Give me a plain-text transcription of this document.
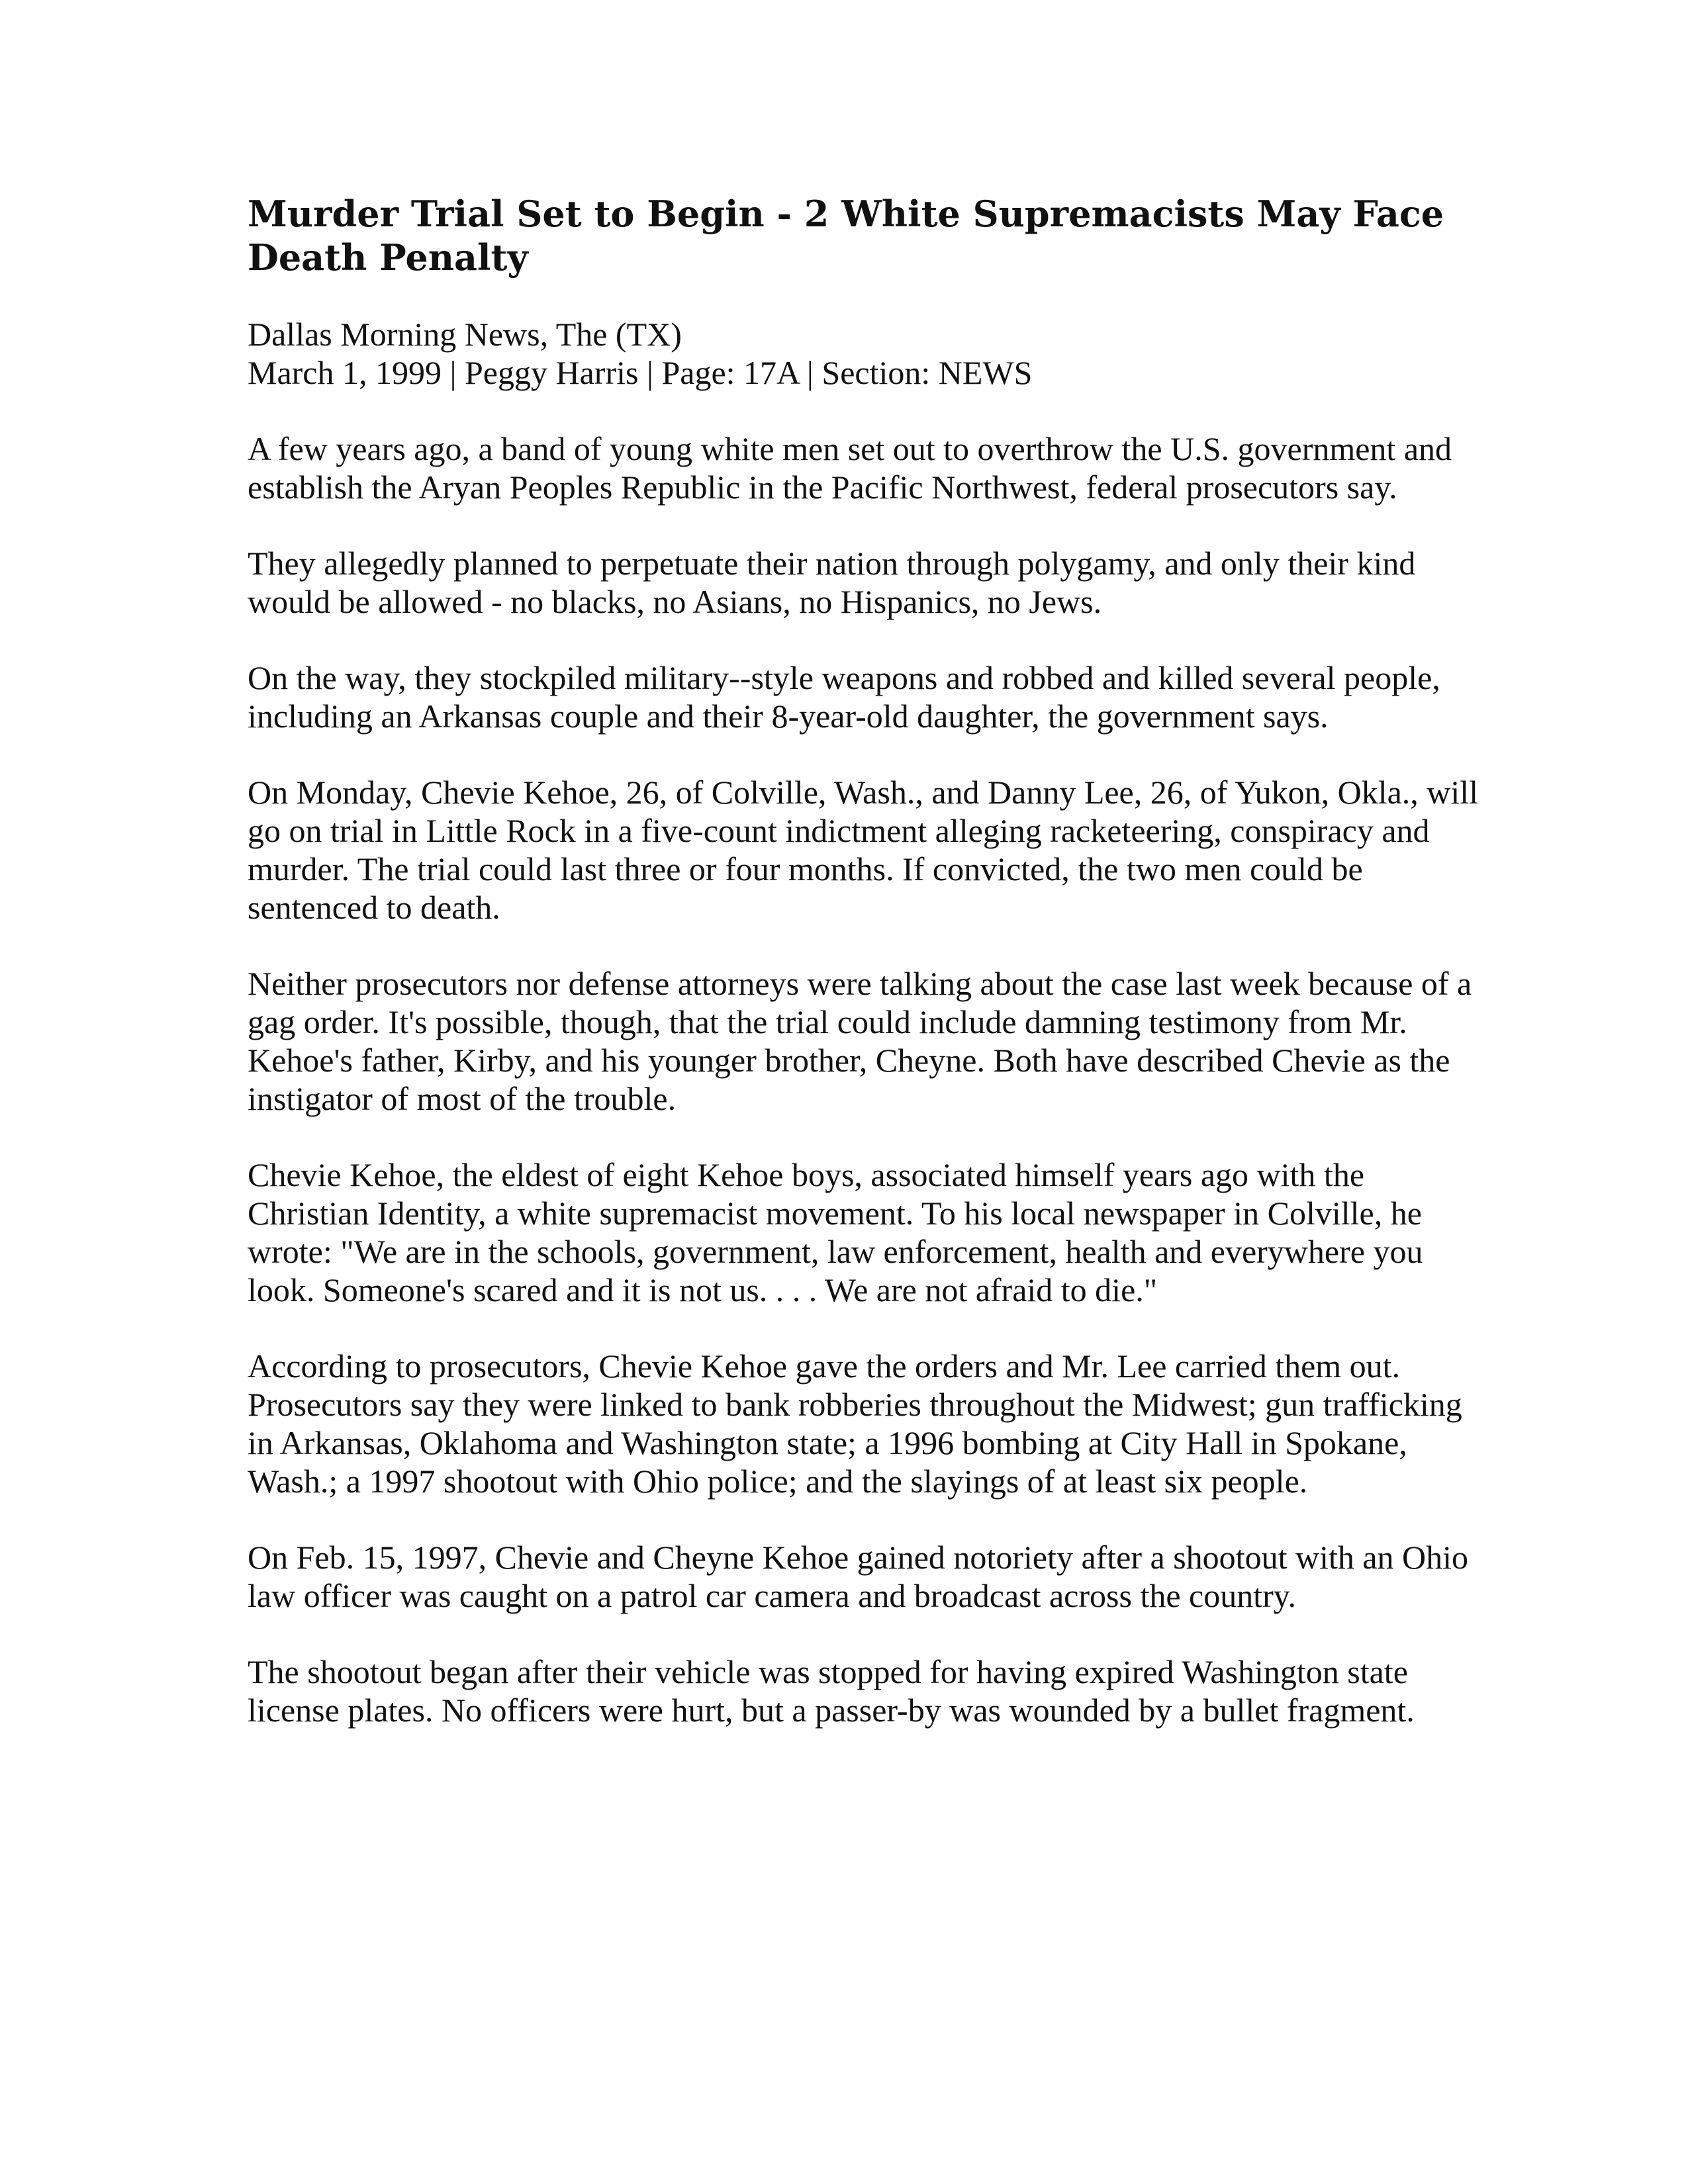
Murder Trial Set to Begin - 2 White Supremacists May Face Death Penalty
Dallas Morning News, The (TX)
March 1, 1999 | Peggy Harris | Page: 17A | Section: NEWS

A few years ago, a band of young white men set out to overthrow the U.S. government and establish the Aryan Peoples Republic in the Pacific Northwest, federal prosecutors say.

They allegedly planned to perpetuate their nation through polygamy, and only their kind would be allowed - no blacks, no Asians, no Hispanics, no Jews.

On the way, they stockpiled military--style weapons and robbed and killed several people, including an Arkansas couple and their 8-year-old daughter, the government says.

On Monday, Chevie Kehoe, 26, of Colville, Wash., and Danny Lee, 26, of Yukon, Okla., will go on trial in Little Rock in a five-count indictment alleging racketeering, conspiracy and murder. The trial could last three or four months. If convicted, the two men could be sentenced to death.

Neither prosecutors nor defense attorneys were talking about the case last week because of a gag order. It's possible, though, that the trial could include damning testimony from Mr. Kehoe's father, Kirby, and his younger brother, Cheyne. Both have described Chevie as the instigator of most of the trouble.

Chevie Kehoe, the eldest of eight Kehoe boys, associated himself years ago with the Christian Identity, a white supremacist movement. To his local newspaper in Colville, he wrote: "We are in the schools, government, law enforcement, health and everywhere you look. Someone's scared and it is not us. . . . We are not afraid to die."

According to prosecutors, Chevie Kehoe gave the orders and Mr. Lee carried them out. Prosecutors say they were linked to bank robberies throughout the Midwest; gun trafficking in Arkansas, Oklahoma and Washington state; a 1996 bombing at City Hall in Spokane, Wash.; a 1997 shootout with Ohio police; and the slayings of at least six people.

On Feb. 15, 1997, Chevie and Cheyne Kehoe gained notoriety after a shootout with an Ohio law officer was caught on a patrol car camera and broadcast across the country.

The shootout began after their vehicle was stopped for having expired Washington state license plates. No officers were hurt, but a passer-by was wounded by a bullet fragment.
